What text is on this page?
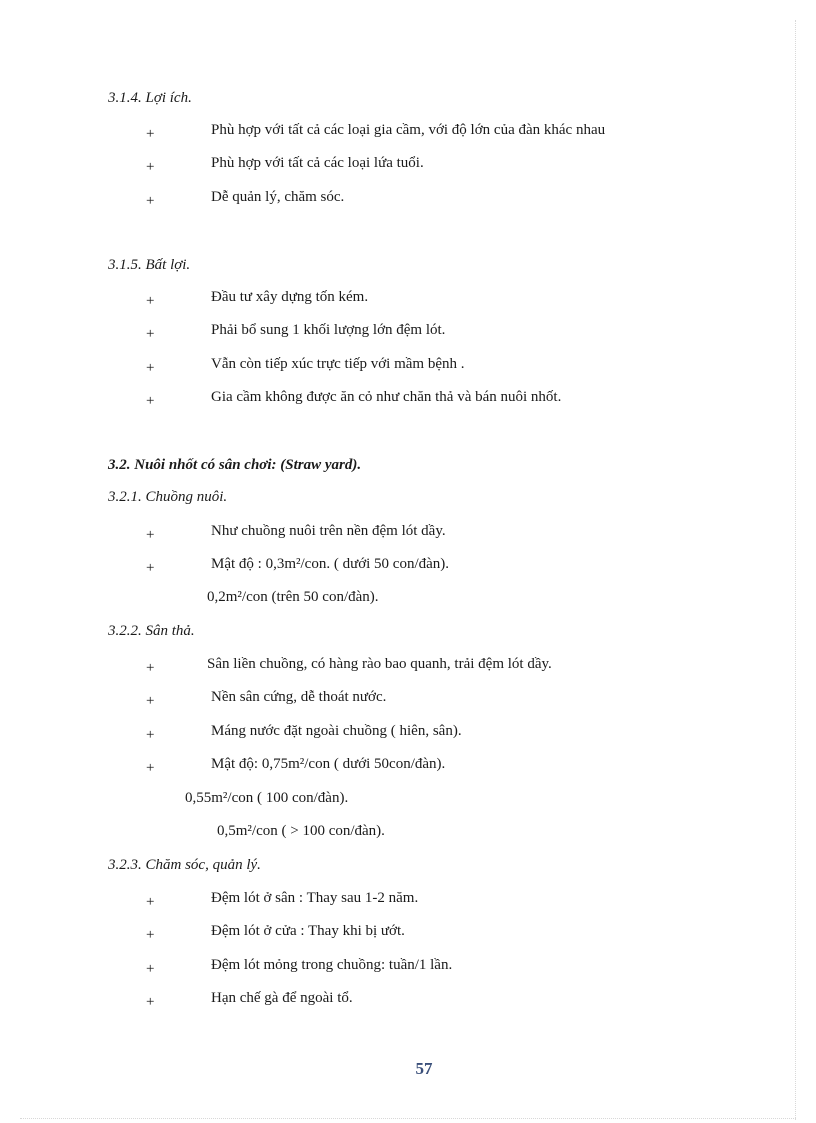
3.1.4. Lợi ích.
+	Phù hợp với tất cả các loại gia cầm, với độ lớn của đàn khác nhau
+	Phù hợp với tất cả các loại lứa tuổi.
+	Dễ quản lý, chăm sóc.
3.1.5. Bất lợi.
+	Đầu tư xây dựng tốn kém.
+	Phải bổ sung 1 khối lượng lớn đệm lót.
+	Vẫn còn tiếp xúc trực tiếp với mầm bệnh .
+	Gia cầm không được ăn cỏ như chăn thả và bán nuôi nhốt.
3.2. Nuôi nhốt có sân chơi: (Straw yard).
3.2.1. Chuồng nuôi.
+	Như chuồng nuôi trên nền đệm lót dầy.
+	Mật độ : 0,3m²/con. ( dưới 50 con/đàn).
0,2m²/con (trên 50 con/đàn).
3.2.2. Sân thả.
+	Sân liền chuồng, có hàng rào bao quanh, trải đệm lót dầy.
+	Nền sân cứng, dễ thoát nước.
+	Máng nước đặt ngoài chuồng ( hiên, sân).
+	Mật độ: 0,75m²/con ( dưới 50con/đàn).
0,55m²/con ( 100 con/đàn).
0,5m²/con ( > 100 con/đàn).
3.2.3. Chăm sóc, quản lý.
+	Đệm lót ở sân : Thay sau 1-2 năm.
+	Đệm lót ở cửa : Thay khi bị ướt.
+	Đệm lót mỏng trong chuồng: tuần/1 lần.
+	Hạn chế gà để ngoài tổ.
57
